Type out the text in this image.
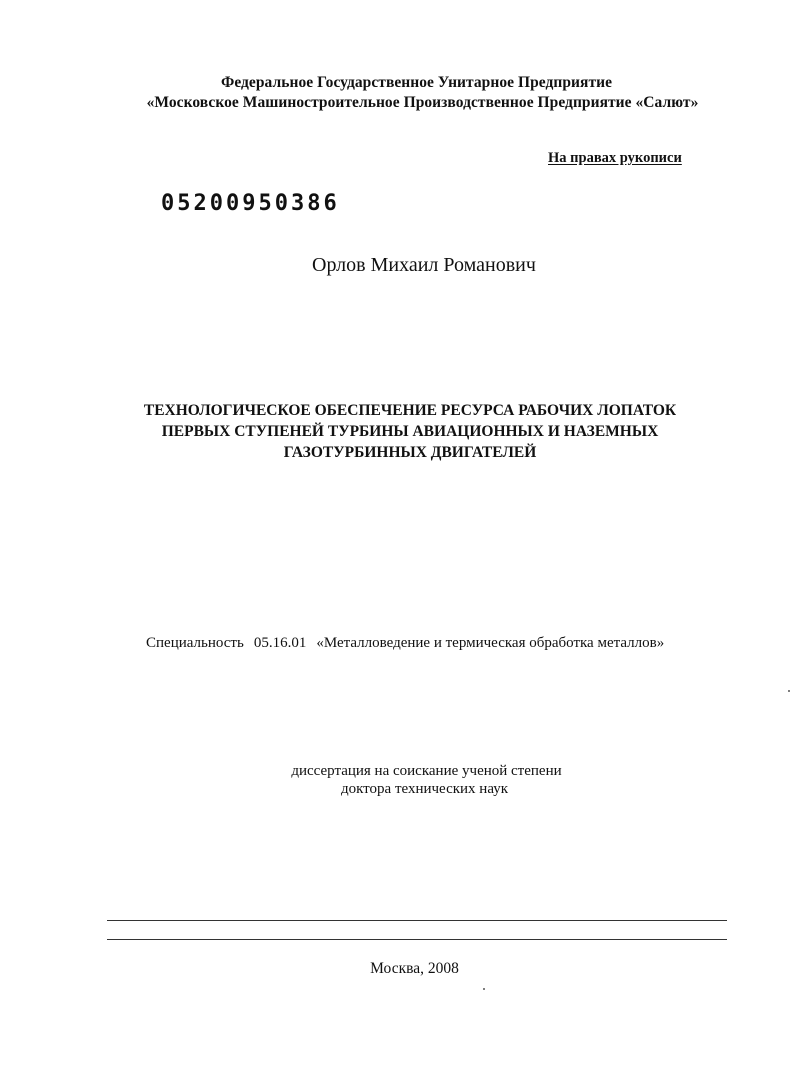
Федеральное Государственное Унитарное Предприятие
«Московское Машиностроительное Производственное Предприятие «Салют»
На правах рукописи
05200950386
Орлов Михаил Романович
ТЕХНОЛОГИЧЕСКОЕ ОБЕСПЕЧЕНИЕ РЕСУРСА РАБОЧИХ ЛОПАТОК
ПЕРВЫХ СТУПЕНЕЙ ТУРБИНЫ АВИАЦИОННЫХ И НАЗЕМНЫХ
ГАЗОТУРБИННЫХ ДВИГАТЕЛЕЙ
Специальность 05.16.01 «Металловедение и термическая обработка металлов»
диссертация на соискание ученой степени
доктора технических наук
Москва, 2008
